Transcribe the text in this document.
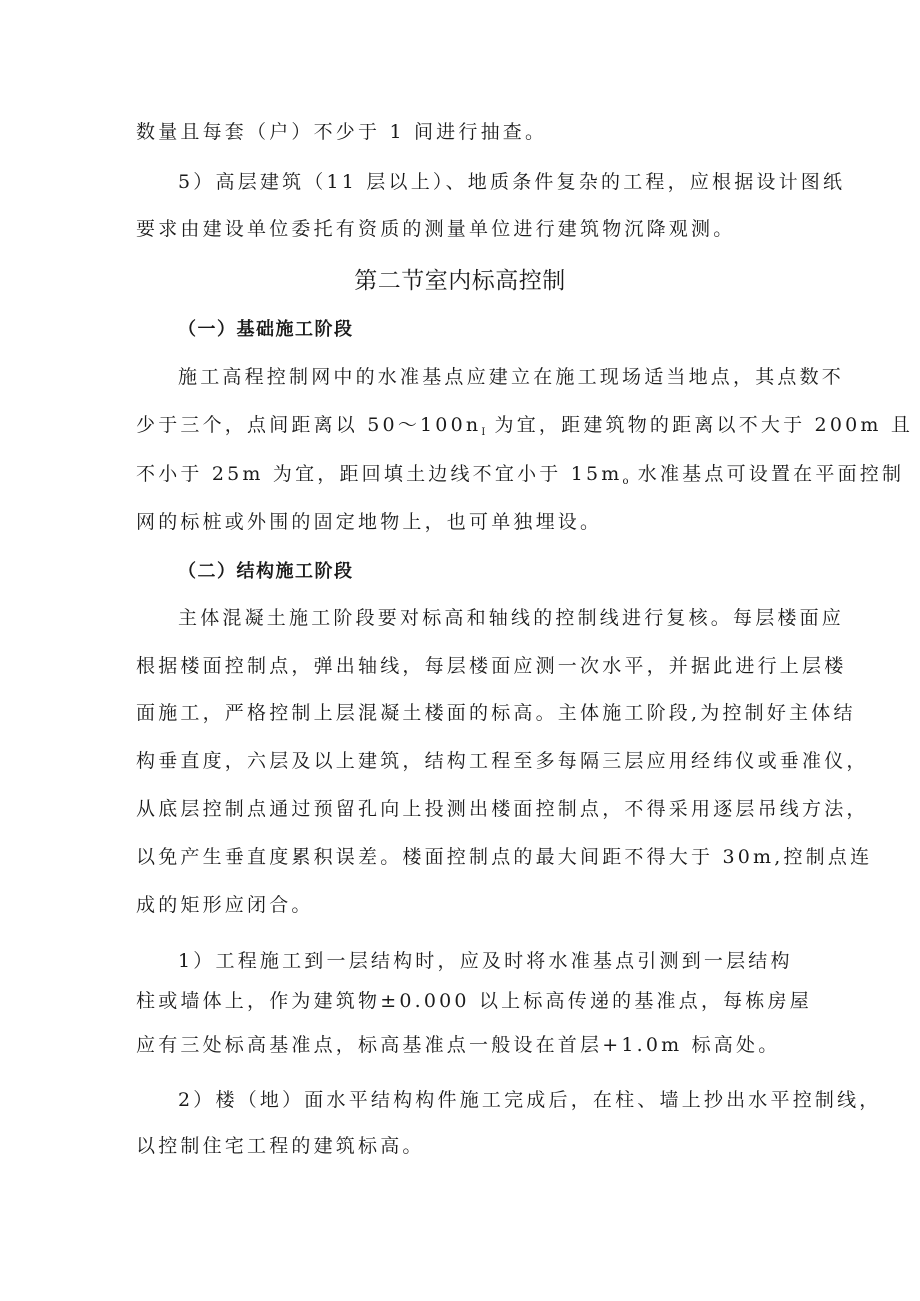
数量且每套（户）不少于 1 间进行抽查。
5）高层建筑（11 层以上）、地质条件复杂的工程，应根据设计图纸
要求由建设单位委托有资质的测量单位进行建筑物沉降观测。
第二节室内标高控制
（一）基础施工阶段
施工高程控制网中的水准基点应建立在施工现场适当地点，其点数不
少于三个，点间距离以 $50\sim 100n_I$ 为宜，距建筑物的距离以不大于 200m 且
不小于 25m 为宜，距回填土边线不宜小于 $15m_o$ 水准基点可设置在平面控制
网的标桩或外围的固定地物上，也可单独埋设。
（二）结构施工阶段
主体混凝土施工阶段要对标高和轴线的控制线进行复核。每层楼面应
根据楼面控制点，弹出轴线，每层楼面应测一次水平，并据此进行上层楼
面施工，严格控制上层混凝土楼面的标高。主体施工阶段,为控制好主体结
构垂直度，六层及以上建筑，结构工程至多每隔三层应用经纬仪或垂准仪，
从底层控制点通过预留孔向上投测出楼面控制点，不得采用逐层吊线方法，
以免产生垂直度累积误差。楼面控制点的最大间距不得大于 30m,控制点连
成的矩形应闭合。
1）工程施工到一层结构时，应及时将水准基点引测到一层结构
柱或墙体上，作为建筑物±0.000 以上标高传递的基准点，每栋房屋
应有三处标高基准点，标高基准点一般设在首层+1.0m 标高处。
2）楼（地）面水平结构构件施工完成后，在柱、墙上抄出水平控制线，
以控制住宅工程的建筑标高。
